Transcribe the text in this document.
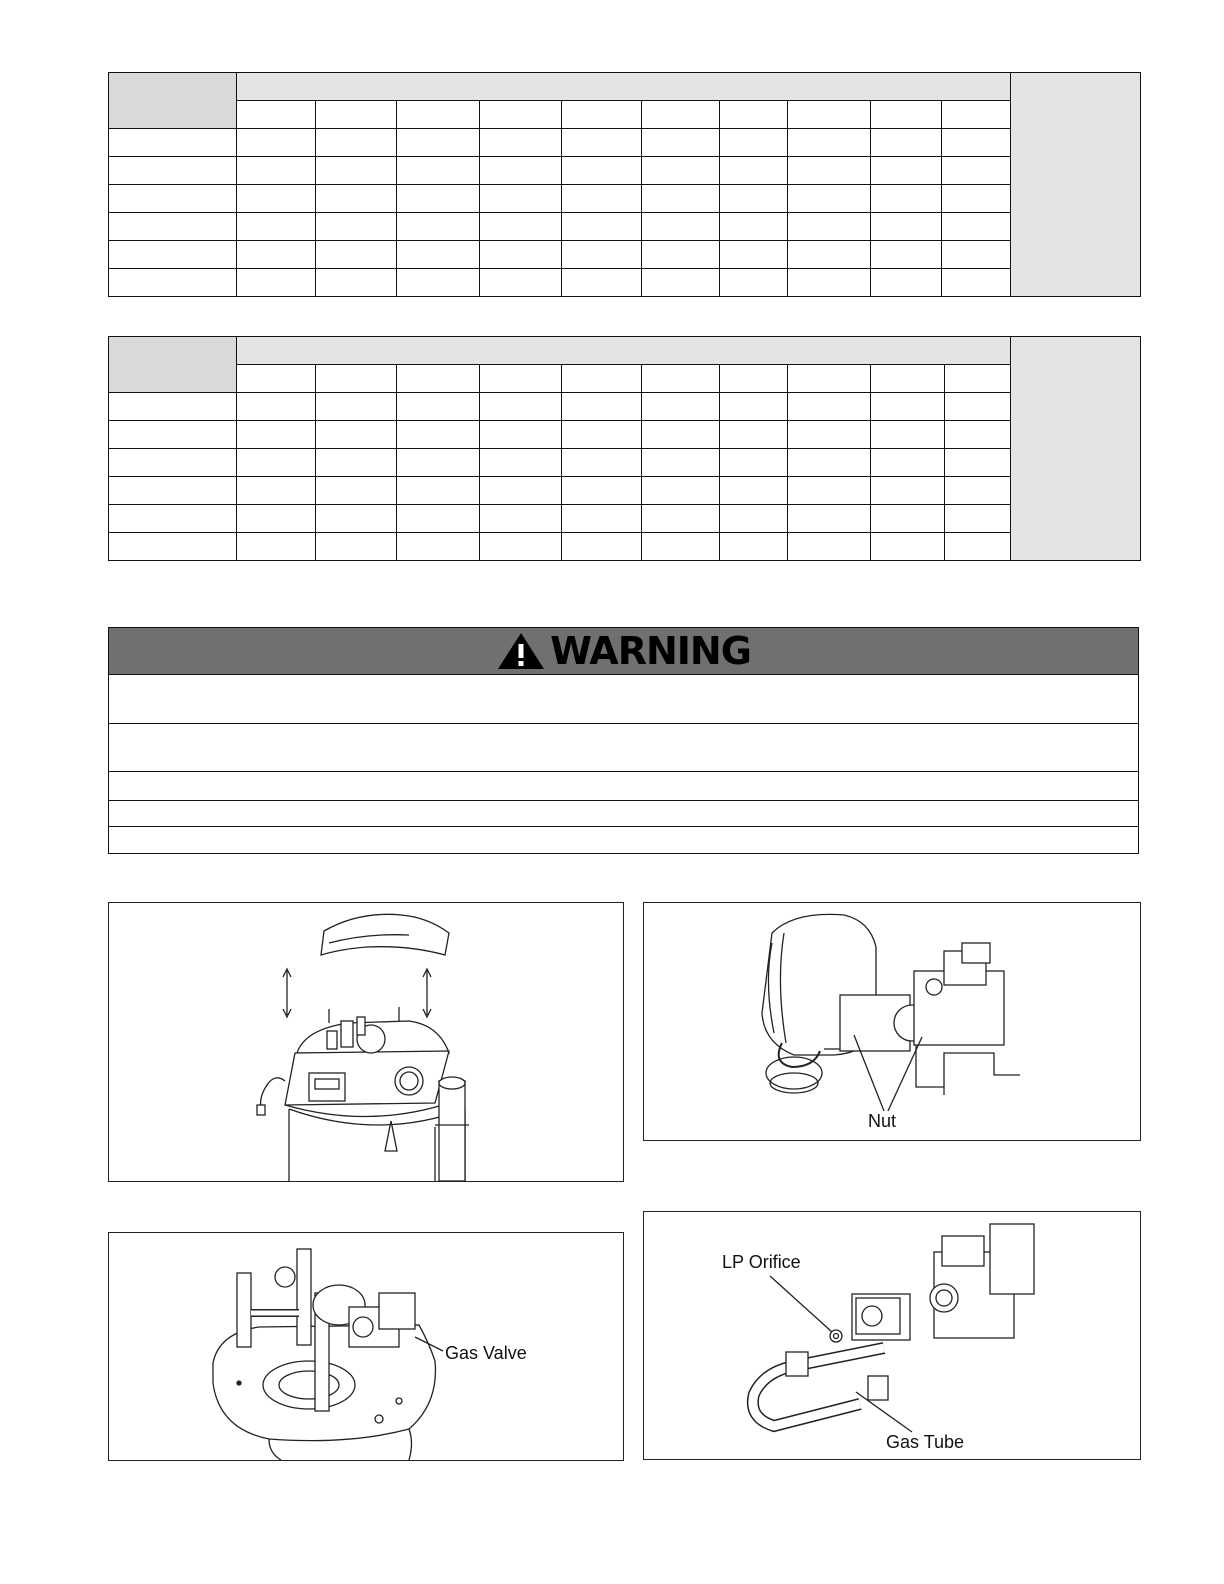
WARNING
Nut
Gas Valve
LP Orifice
Gas Tube
